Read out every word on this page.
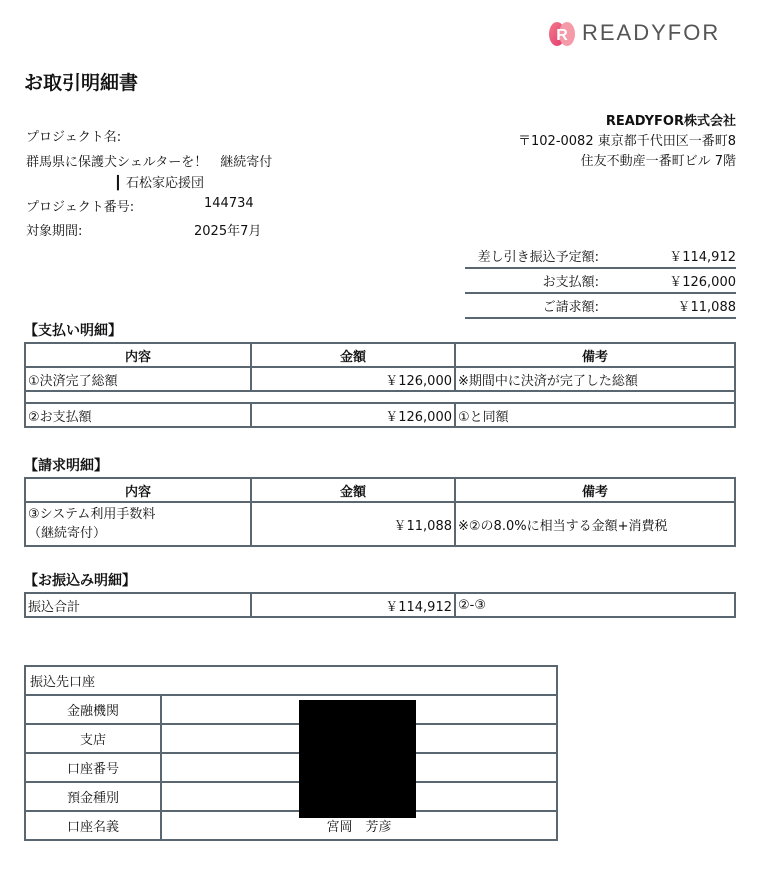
R READYFOR
お取引明細書
プロジェクト名:
群馬県に保護犬シェルターを！　継続寄付
┃ 石松家応援団
プロジェクト番号:	144734
対象期間:	2025年7月
READYFOR株式会社
〒102-0082 東京都千代田区一番町8
住友不動産一番町ビル 7階
差し引き振込予定額:	￥114,912
お支払額:	￥126,000
ご請求額:	￥11,088
【支払い明細】
内容	金額	備考
①決済完了総額	￥126,000	※期間中に決済が完了した総額

②お支払額	￥126,000	①と同額
【請求明細】
内容	金額	備考

③システム利用手数料
（継続寄付）	￥11,088	※②の8.0%に相当する金額+消費税
【お振込み明細】
振込合計	￥114,912	②-③
振込先口座	
金融機関	
支店	
口座番号	
預金種別	
口座名義	宮岡　芳彦
